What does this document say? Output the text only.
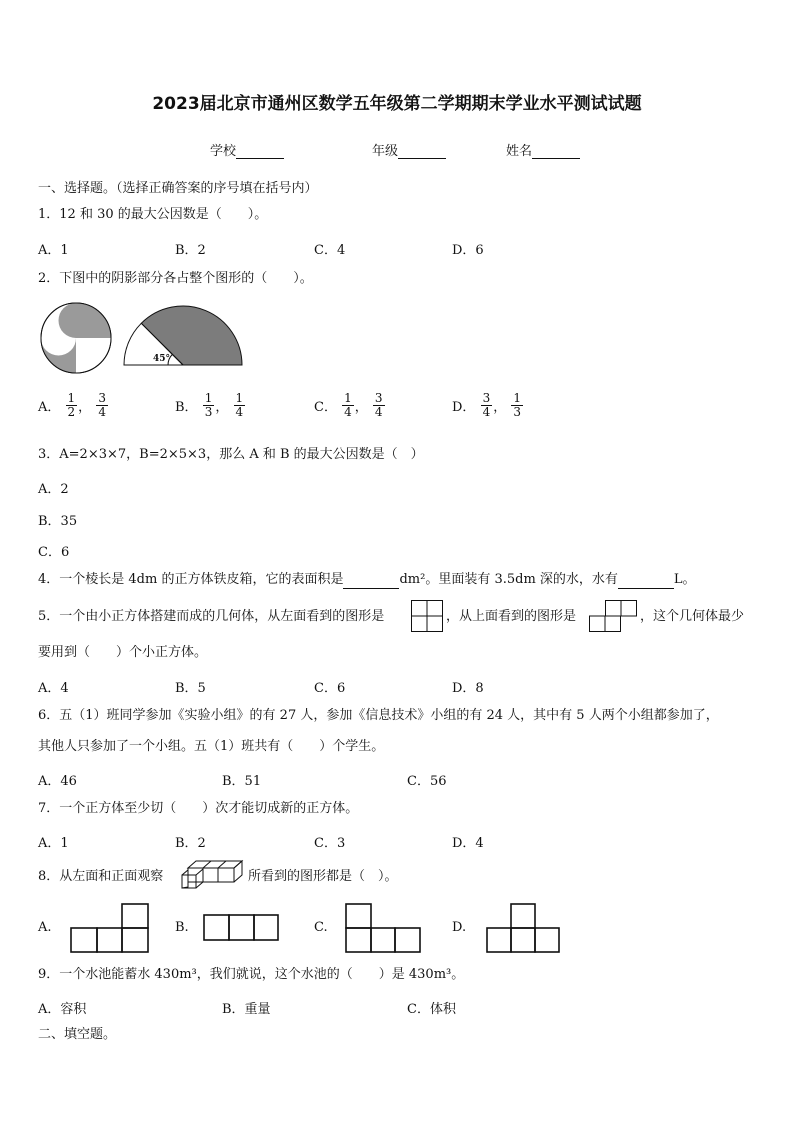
2023届北京市通州区数学五年级第二学期期末学业水平测试试题
学校	年级	姓名
一、选择题。（选择正确答案的序号填在括号内）
1．12 和 30 的最大公因数是（　　）。
A．1	B．2	C．4	D．6
2．下图中的阴影部分各占整个图形的（　　）。
45°
A． $\frac{1}{2}$ ， $\frac{3}{4}$	B． $\frac{1}{3}$ ， $\frac{1}{4}$	C． $\frac{1}{4}$ ， $\frac{3}{4}$	D． $\frac{3}{4}$ ， $\frac{1}{3}$
3．A=2×3×7，B=2×5×3，那么 A 和 B 的最大公因数是（　）
A．2
B．35
C．6
4．一个棱长是 4dm 的正方体铁皮箱，它的表面积是	dm²。里面装有 3.5dm 深的水，水有	L。
5．一个由小正方体搭建而成的几何体，从左面看到的图形是	，从上面看到的图形是	，这个几何体最少
要用到（　　）个小正方体。
A．4	B．5	C．6	D．8
6．五（1）班同学参加《实验小组》的有 27 人，参加《信息技术》小组的有 24 人，其中有 5 人两个小组都参加了，
其他人只参加了一个小组。五（1）班共有（　　）个学生。
A．46	B．51	C．56
7．一个正方体至少切（　　）次才能切成新的正方体。
A．1	B．2	C．3	D．4
8．从左面和正面观察	所看到的图形都是（　）。
A.	B.	C.	D.
9．一个水池能蓄水 430m³，我们就说，这个水池的（　　）是 430m³。
A．容积	B．重量	C．体积
二、填空题。
